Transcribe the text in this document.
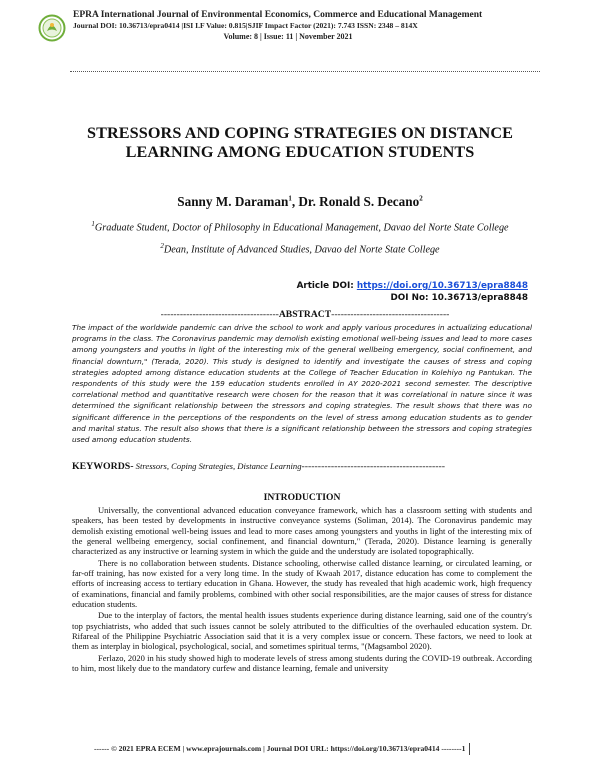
EPRA International Journal of Environmental Economics, Commerce and Educational Management
Journal DOI: 10.36713/epra0414 |ISI I.F Value: 0.815|SJIF Impact Factor (2021): 7.743 ISSN: 2348 – 814X
Volume: 8 | Issue: 11 | November 2021
STRESSORS AND COPING STRATEGIES ON DISTANCE
LEARNING AMONG EDUCATION STUDENTS
Sanny M. Daraman$^1$, Dr. Ronald S. Decano$^2$
$^1$Graduate Student, Doctor of Philosophy in Educational Management, Davao del Norte State College
$^2$Dean, Institute of Advanced Studies, Davao del Norte State College
Article DOI: https://doi.org/10.36713/epra8848
DOI No: 10.36713/epra8848
-------------------------------------ABSTRACT-------------------------------------
The impact of the worldwide pandemic can drive the school to work and apply various procedures in actualizing educational programs in the class. The Coronavirus pandemic may demolish existing emotional well-being issues and lead to more cases among youngsters and youths in light of the interesting mix of the general wellbeing emergency, social confinement, and financial downturn," (Terada, 2020). This study is designed to identify and investigate the causes of stress and coping strategies adopted among distance education students at the College of Teacher Education in Kolehiyo ng Pantukan. The respondents of this study were the 159 education students enrolled in AY 2020-2021 second semester. The descriptive correlational method and quantitative research were chosen for the reason that it was correlational in nature since it was determined the significant relationship between the stressors and coping strategies. The result shows that there was no significant difference in the perceptions of the respondents on the level of stress among education students as to gender and marital status. The result also shows that there is a significant relationship between the stressors and coping strategies used among education students.
KEYWORDS- Stressors, Coping Strategies, Distance Learning--------------------------------------------
INTRODUCTION

Universally, the conventional advanced education conveyance framework, which has a classroom setting with students and speakers, has been tested by developments in instructive conveyance systems (Soliman, 2014). The Coronavirus pandemic may demolish existing emotional well-being issues and lead to more cases among youngsters and youths in light of the interesting mix of the general wellbeing emergency, social confinement, and financial downturn," (Terada, 2020). Distance learning is generally characterized as any instructive or learning system in which the guide and the understudy are isolated topographically.

There is no collaboration between students. Distance schooling, otherwise called distance learning, or circulated learning, or far-off training, has now existed for a very long time. In the study of Kwaah 2017, distance education has come to complement the efforts of increasing access to tertiary education in Ghana. However, the study has revealed that high academic work, high frequency of examinations, financial and family problems, combined with other social responsibilities, are the major causes of stress for distance education students.

Due to the interplay of factors, the mental health issues students experience during distance learning, said one of the country's top psychiatrists, who added that such issues cannot be solely attributed to the difficulties of the overhauled education system. Dr. Rifareal of the Philippine Psychiatric Association said that it is a very complex issue or concern. These factors, we need to look at them as interplay in biological, psychological, social, and sometimes spiritual terms, "(Magsambol 2020).

Ferlazo, 2020 in his study showed high to moderate levels of stress among students during the COVID-19 outbreak. According to him, most likely due to the mandatory curfew and distance learning, female and university

------ © 2021 EPRA ECEM | www.eprajournals.com | Journal DOI URL: https://doi.org/10.36713/epra0414 --------1
